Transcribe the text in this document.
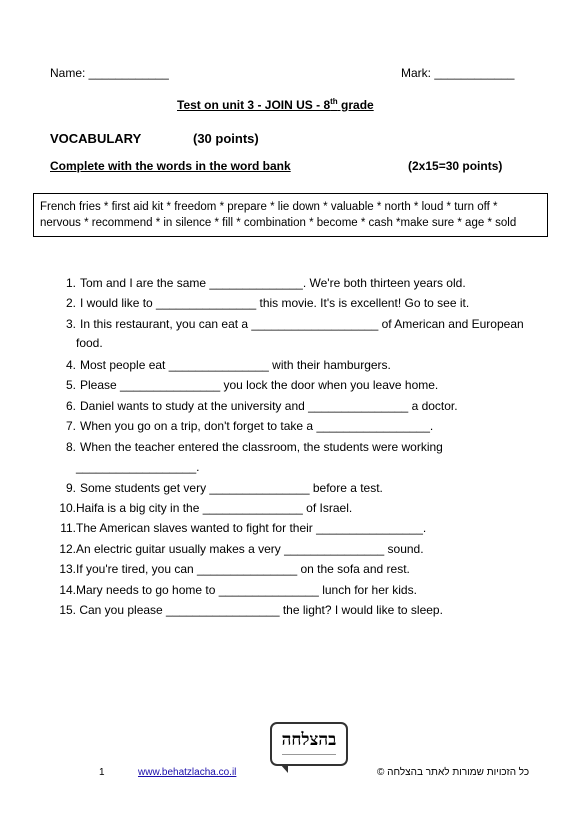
Name: ____________	Mark: ____________
Test on unit 3 - JOIN US - 8th grade
VOCABULARY	(30 points)
Complete with the words in the word bank	(2x15=30 points)
French fries * first aid kit * freedom * prepare * lie down * valuable * north * loud * turn off *
nervous * recommend * in silence * fill * combination * become * cash *make sure * age * sold
1. Tom and I are the same ______________. We're both thirteen years old.
2. I would like to _______________ this movie. It's is excellent! Go to see it.
3. In this restaurant, you can eat a ___________________ of American and European
food.
4. Most people eat _______________ with their hamburgers.
5. Please _______________ you lock the door when you leave home.
6. Daniel wants to study at the university and _______________ a doctor.
7. When you go on a trip, don't forget to take a _________________.
8. When the teacher entered the classroom, the students were working
__________________.
9. Some students get very _______________ before a test.
10.Haifa is a big city in the _______________ of Israel.
11.The American slaves wanted to fight for their ________________.
12.An electric guitar usually makes a very _______________ sound.
13.If you're tired, you can _______________ on the sofa and rest.
14.Mary needs to go home to _______________ lunch for her kids.
15. Can you please _________________ the light? I would like to sleep.
בהצלחה
1	www.behatzlacha.co.il	כל הזכויות שמורות לאתר בהצלחה ©
